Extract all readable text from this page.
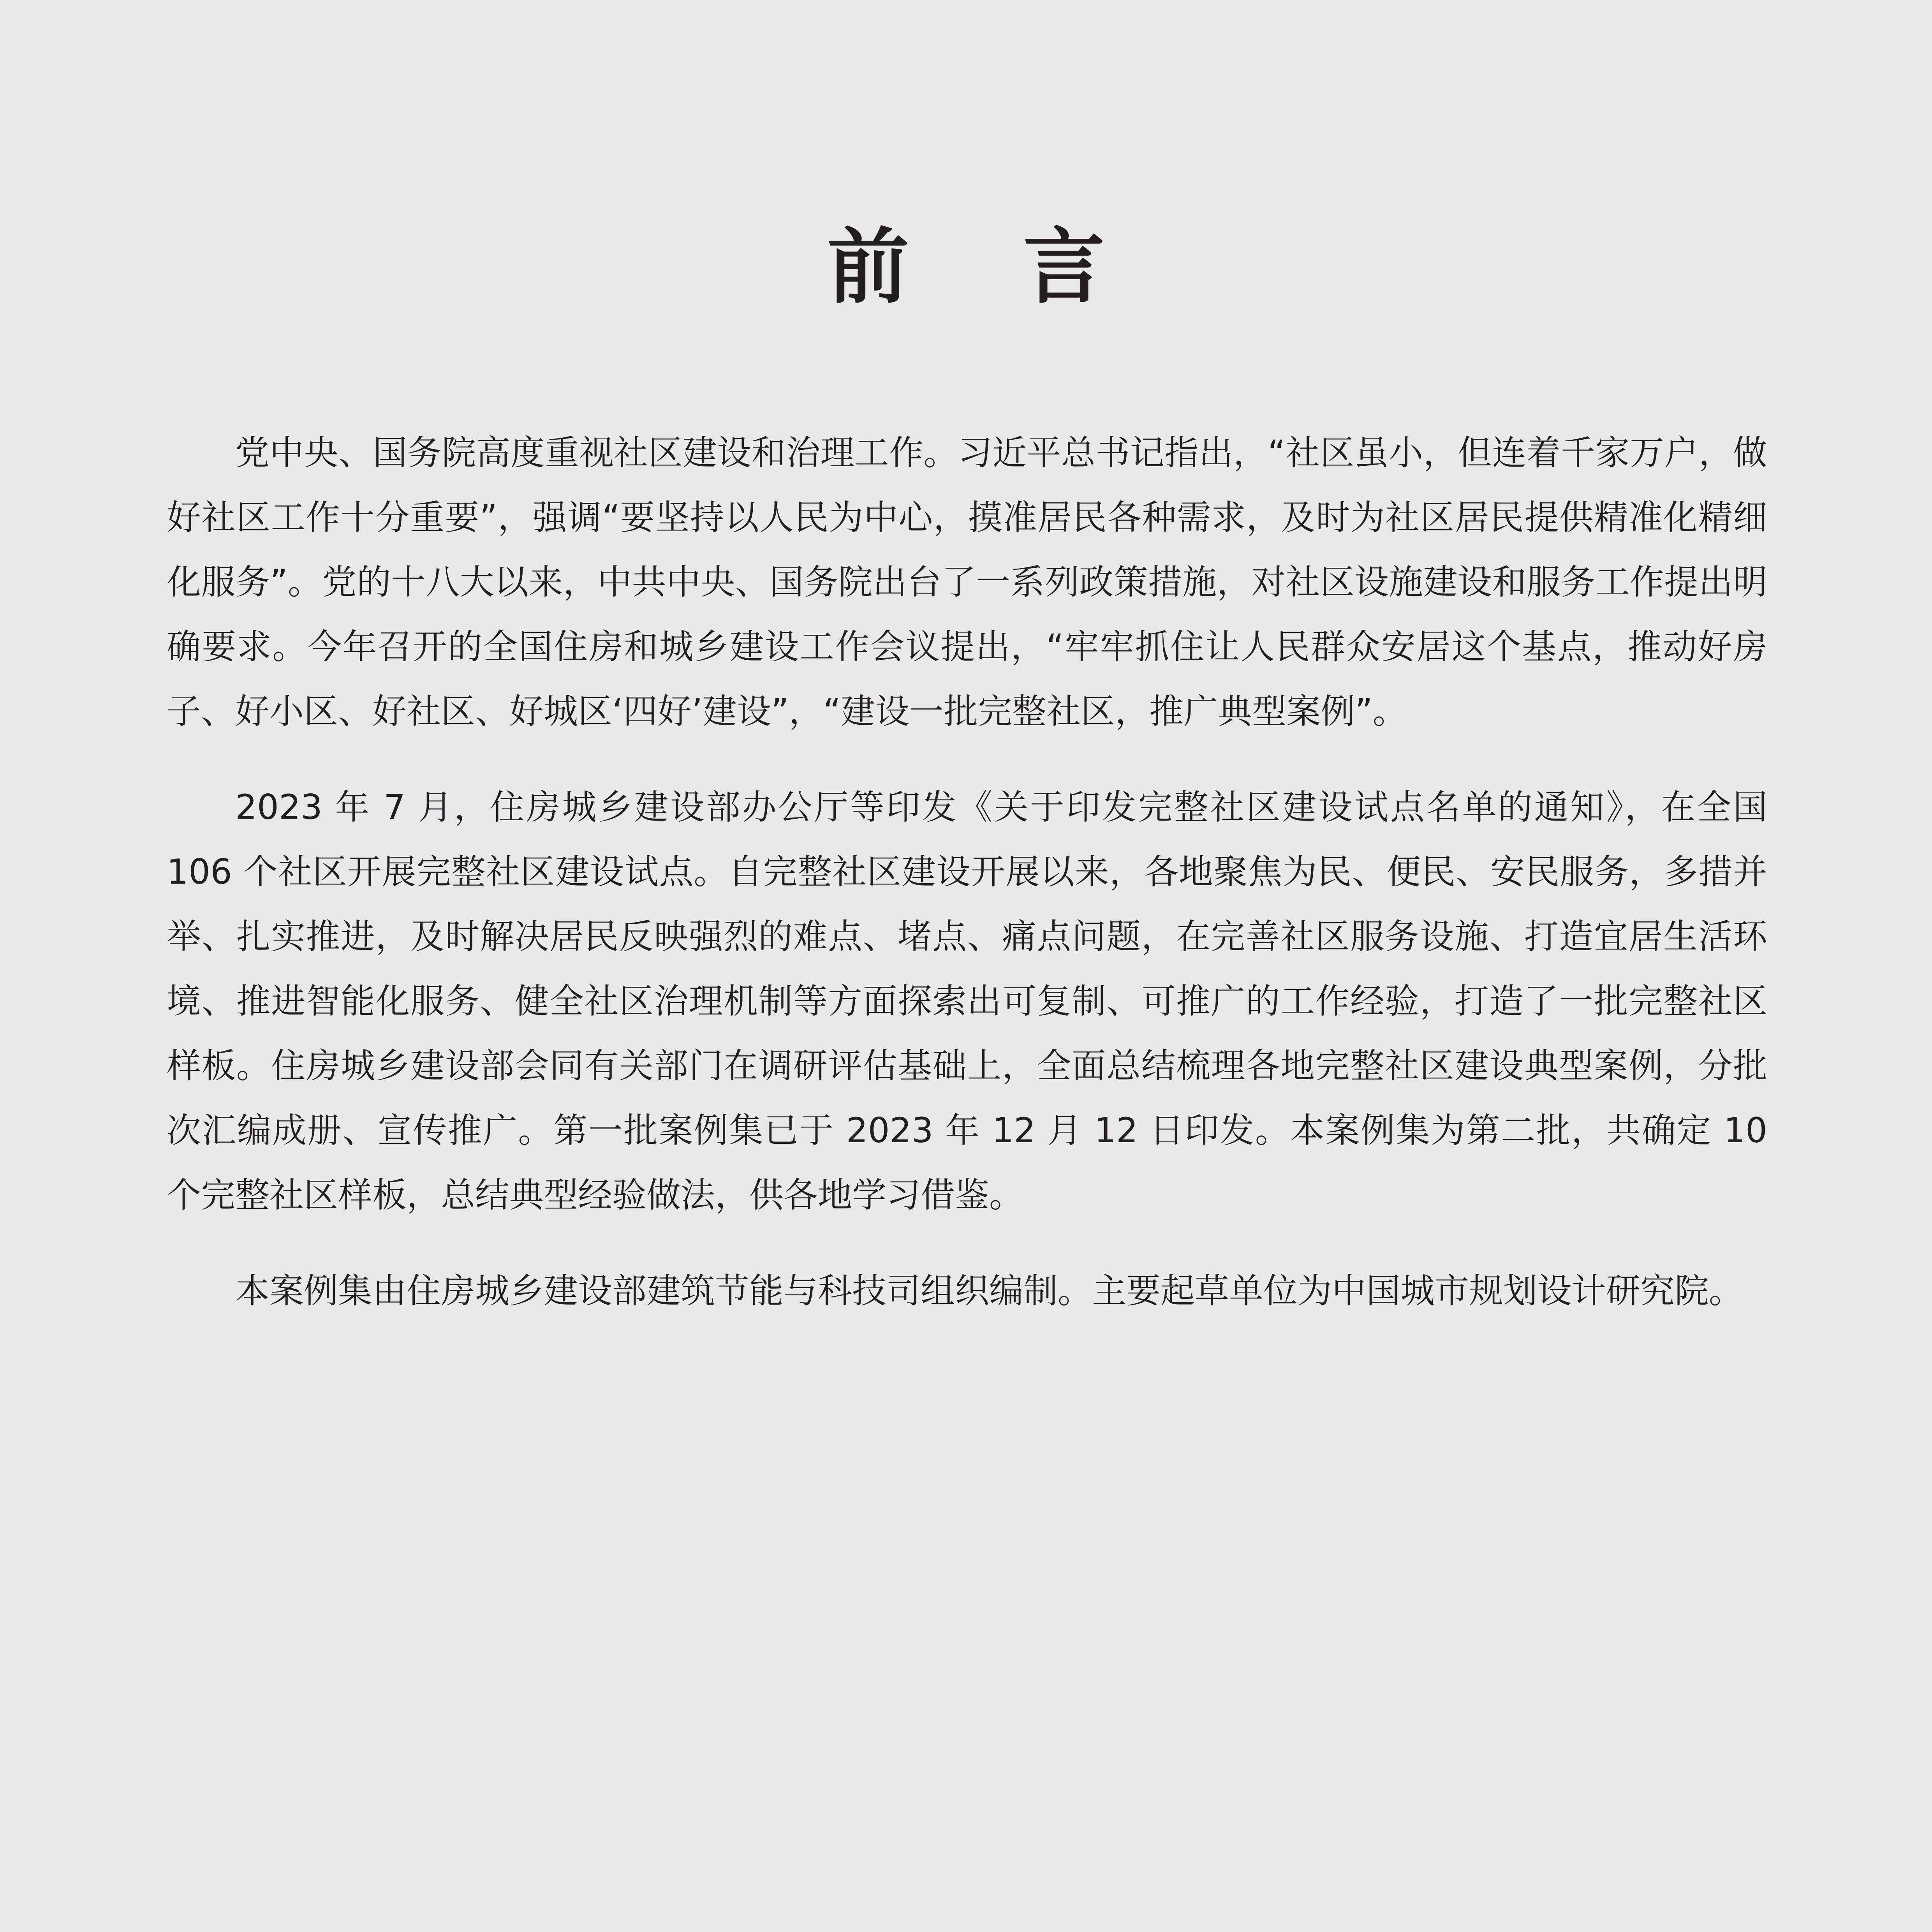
前 言

党中央、国务院高度重视社区建设和治理工作。习近平总书记指出，“社区虽小，但连着千家万户，做好社区工作十分重要”，强调“要坚持以人民为中心，摸准居民各种需求，及时为社区居民提供精准化精细化服务”。党的十八大以来，中共中央、国务院出台了一系列政策措施，对社区设施建设和服务工作提出明确要求。今年召开的全国住房和城乡建设工作会议提出，“牢牢抓住让人民群众安居这个基点，推动好房子、好小区、好社区、好城区‘四好’建设”，“建设一批完整社区，推广典型案例”。

2023 年 7 月，住房城乡建设部办公厅等印发《关于印发完整社区建设试点名单的通知》，在全国 106 个社区开展完整社区建设试点。自完整社区建设开展以来，各地聚焦为民、便民、安民服务，多措并举、扎实推进，及时解决居民反映强烈的难点、堵点、痛点问题，在完善社区服务设施、打造宜居生活环境、推进智能化服务、健全社区治理机制等方面探索出可复制、可推广的工作经验，打造了一批完整社区样板。住房城乡建设部会同有关部门在调研评估基础上，全面总结梳理各地完整社区建设典型案例，分批次汇编成册、宣传推广。第一批案例集已于 2023 年 12 月 12 日印发。本案例集为第二批，共确定 10 个完整社区样板，总结典型经验做法，供各地学习借鉴。

本案例集由住房城乡建设部建筑节能与科技司组织编制。主要起草单位为中国城市规划设计研究院。
